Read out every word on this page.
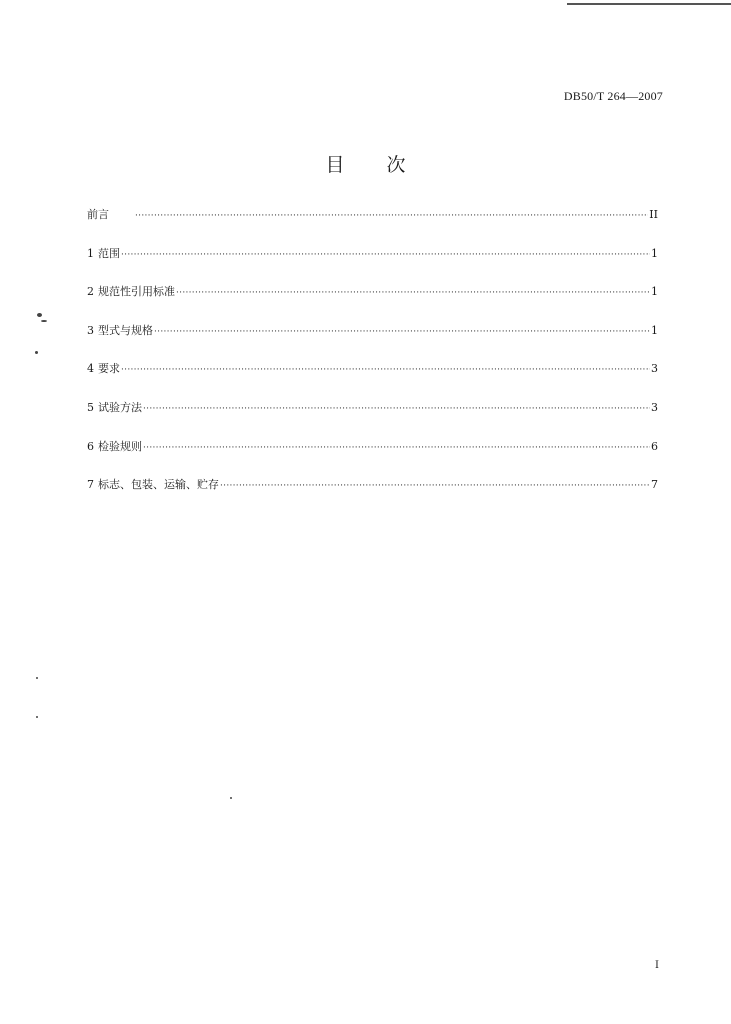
DB50/T 264—2007
目 次
前言 ·····	II
1 范围 ·····	1
2 规范性引用标准 ·····	1
3 型式与规格 ·····	1
4 要求 ·····	3
5 试验方法 ·····	3
6 检验规则 ·····	6
7 标志、包装、运输、贮存 ·····	7
I
